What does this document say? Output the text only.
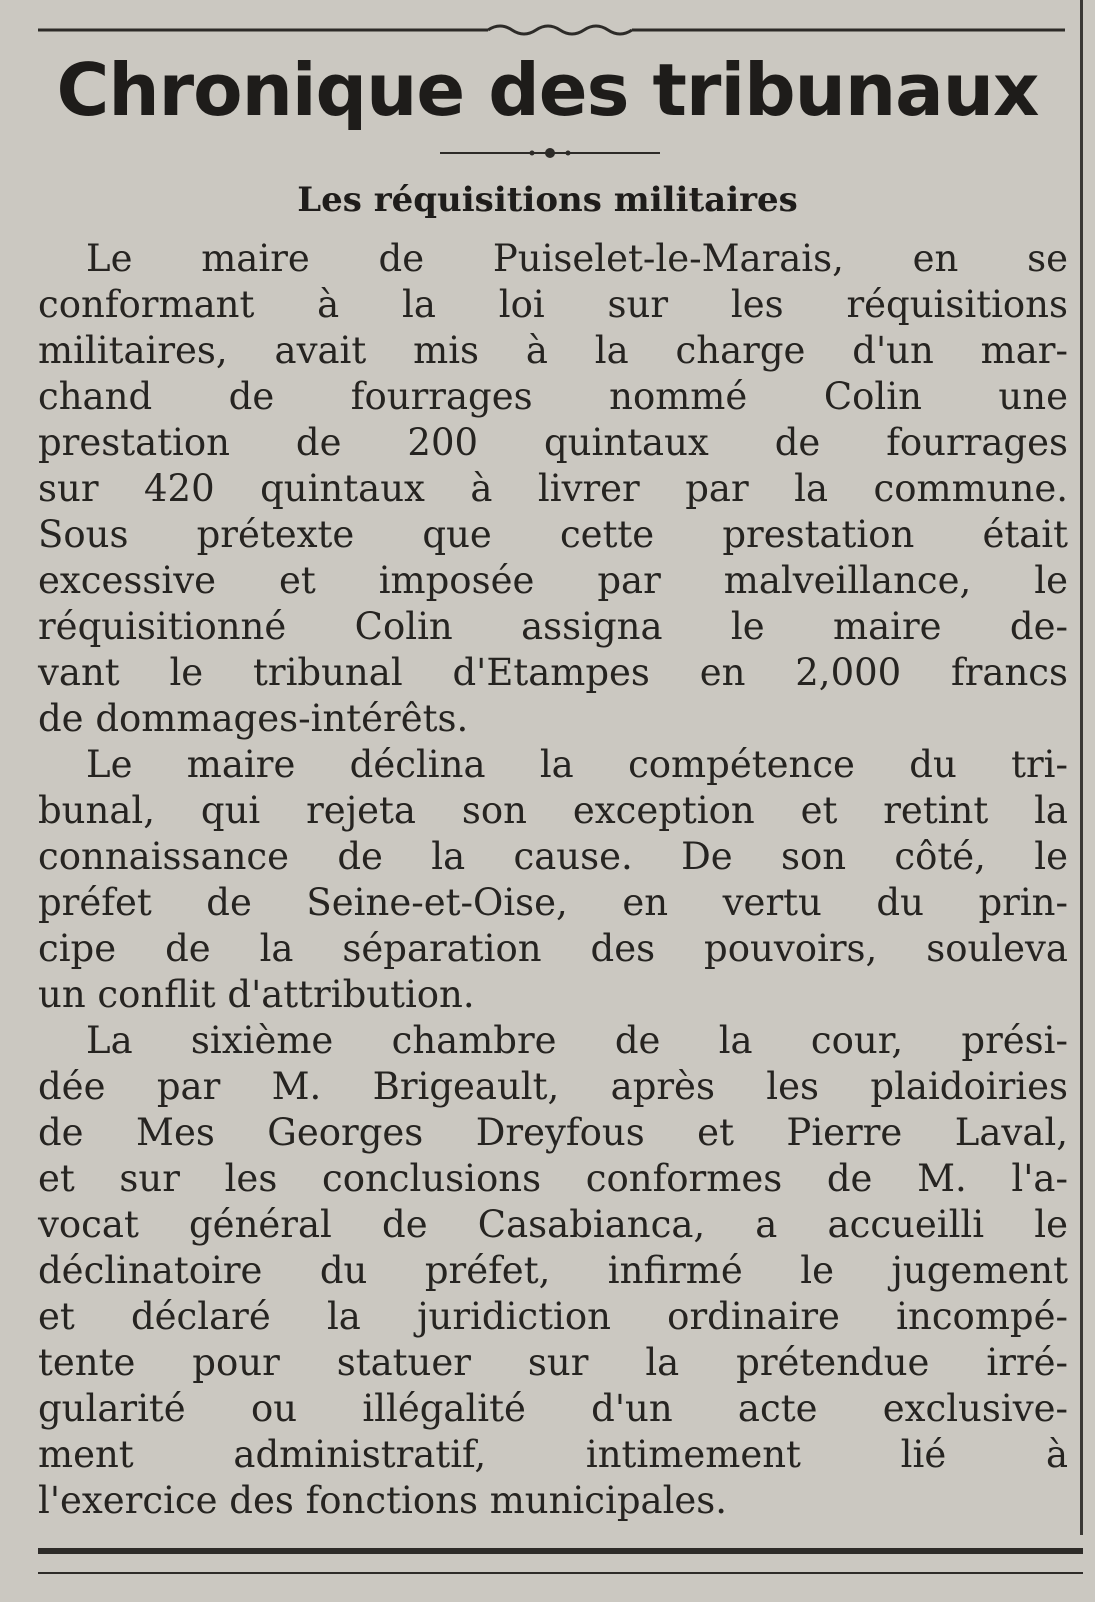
Chronique des tribunaux
Les réquisitions militaires
Le maire de Puiselet-le-Marais, en se
conformant à la loi sur les réquisitions
militaires, avait mis à la charge d'un mar-
chand de fourrages nommé Colin une
prestation de 200 quintaux de fourrages
sur 420 quintaux à livrer par la commune.
Sous prétexte que cette prestation était
excessive et imposée par malveillance, le
réquisitionné Colin assigna le maire de-
vant le tribunal d'Etampes en 2,000 francs
de dommages-intérêts.
Le maire déclina la compétence du tri-
bunal, qui rejeta son exception et retint la
connaissance de la cause. De son côté, le
préfet de Seine-et-Oise, en vertu du prin-
cipe de la séparation des pouvoirs, souleva
un conflit d'attribution.
La sixième chambre de la cour, prési-
dée par M. Brigeault, après les plaidoiries
de Mes Georges Dreyfous et Pierre Laval,
et sur les conclusions conformes de M. l'a-
vocat général de Casabianca, a accueilli le
déclinatoire du préfet, infirmé le jugement
et déclaré la juridiction ordinaire incompé-
tente pour statuer sur la prétendue irré-
gularité ou illégalité d'un acte exclusive-
ment administratif, intimement lié à
l'exercice des fonctions municipales.
